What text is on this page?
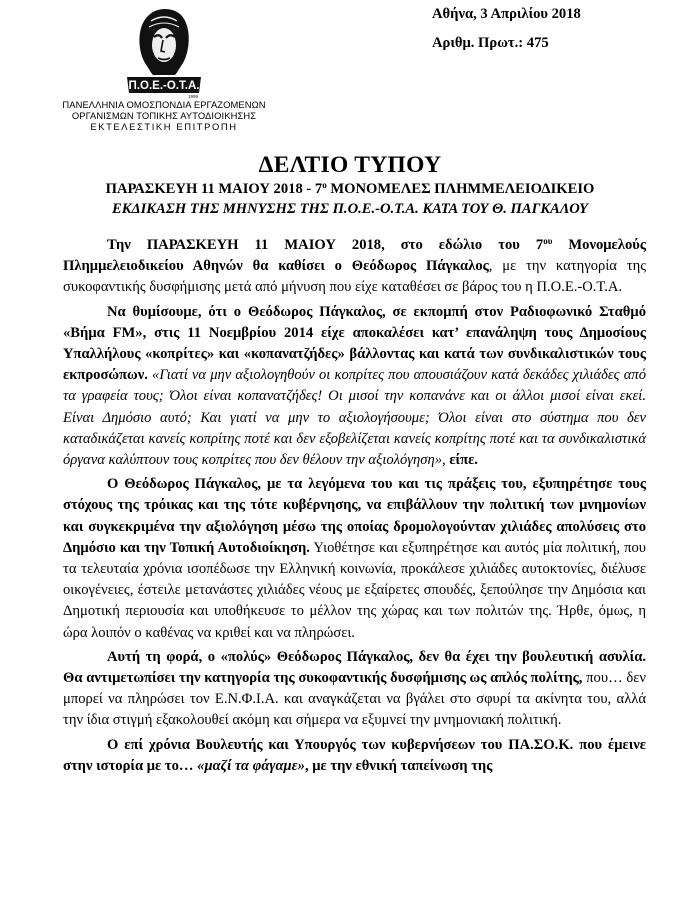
Π.Ο.Ε.-Ο.Τ.Α.
1999
ΠΑΝΕΛΛΗΝΙΑ ΟΜΟΣΠΟΝΔΙΑ ΕΡΓΑΖΟΜΕΝΩΝ
ΟΡΓΑΝΙΣΜΩΝ ΤΟΠΙΚΗΣ ΑΥΤΟΔΙΟΙΚΗΣΗΣ
ΕΚΤΕΛΕΣΤΙΚΗ ΕΠΙΤΡΟΠΗ
Αθήνα, 3 Απριλίου 2018
Αριθμ. Πρωτ.: 475
ΔΕΛΤΙΟ ΤΥΠΟΥ
ΠΑΡΑΣΚΕΥΗ 11 ΜΑΙΟΥ $2018 - 7^o$ ΜΟΝΟΜΕΛΕΣ ΠΛΗΜΜΕΛΕΙΟΔΙΚΕΙΟ
ΕΚΔΙΚΑΣΗ ΤΗΣ ΜΗΝΥΣΗΣ ΤΗΣ Π.Ο.Ε.-Ο.Τ.Α. ΚΑΤΑ ΤΟΥ Θ. ΠΑΓΚΑΛΟΥ

Την ΠΑΡΑΣΚΕΥΗ 11 ΜΑΙΟΥ 2018, στο εδώλιο του $7^{o\upsilon}$ Μονομελούς Πλημμελειοδικείου Αθηνών θα καθίσει ο Θεόδωρος Πάγκαλος, με την κατηγορία της συκοφαντικής δυσφήμισης μετά από μήνυση που είχε καταθέσει σε βάρος του η Π.Ο.Ε.-Ο.Τ.Α.

Να θυμίσουμε, ότι ο Θεόδωρος Πάγκαλος, σε εκπομπή στον Ραδιοφωνικό Σταθμό «Βήμα FM», στις 11 Νοεμβρίου 2014 είχε αποκαλέσει κατ’ επανάληψη τους Δημοσίους Υπαλλήλους «κοπρίτες» και «κοπανατζήδες» βάλλοντας και κατά των συνδικαλιστικών τους εκπροσώπων. «Γιατί να μην αξιολογηθούν οι κοπρίτες που απουσιάζουν κατά δεκάδες χιλιάδες από τα γραφεία τους; Όλοι είναι κοπανατζήδες! Οι μισοί την κοπανάνε και οι άλλοι μισοί είναι εκεί. Είναι Δημόσιο αυτό; Και γιατί να μην το αξιολογήσουμε; Όλοι είναι στο σύστημα που δεν καταδικάζεται κανείς κοπρίτης ποτέ και δεν εξοβελίζεται κανείς κοπρίτης ποτέ και τα συνδικαλιστικά όργανα καλύπτουν τους κοπρίτες που δεν θέλουν την αξιολόγηση», είπε.

Ο Θεόδωρος Πάγκαλος, με τα λεγόμενα του και τις πράξεις του, εξυπηρέτησε τους στόχους της τρόικας και της τότε κυβέρνησης, να επιβάλλουν την πολιτική των μνημονίων και συγκεκριμένα την αξιολόγηση μέσω της οποίας δρομολογούνταν χιλιάδες απολύσεις στο Δημόσιο και την Τοπική Αυτοδιοίκηση. Υιοθέτησε και εξυπηρέτησε και αυτός μία πολιτική, που τα τελευταία χρόνια ισοπέδωσε την Ελληνική κοινωνία, προκάλεσε χιλιάδες αυτοκτονίες, διέλυσε οικογένειες, έστειλε μετανάστες χιλιάδες νέους με εξαίρετες σπουδές, ξεπούλησε την Δημόσια και Δημοτική περιουσία και υποθήκευσε το μέλλον της χώρας και των πολιτών της. Ήρθε, όμως, η ώρα λοιπόν ο καθένας να κριθεί και να πληρώσει.

Αυτή τη φορά, ο «πολύς» Θεόδωρος Πάγκαλος, δεν θα έχει την βουλευτική ασυλία. Θα αντιμετωπίσει την κατηγορία της συκοφαντικής δυσφήμισης ως απλός πολίτης, που… δεν μπορεί να πληρώσει τον Ε.Ν.Φ.Ι.Α. και αναγκάζεται να βγάλει στο σφυρί τα ακίνητα του, αλλά την ίδια στιγμή εξακολουθεί ακόμη και σήμερα να εξυμνεί την μνημονιακή πολιτική.

Ο επί χρόνια Βουλευτής και Υπουργός των κυβερνήσεων του ΠΑ.ΣΟ.Κ. που έμεινε στην ιστορία με το… «μαζί τα φάγαμε», με την εθνική ταπείνωση της
